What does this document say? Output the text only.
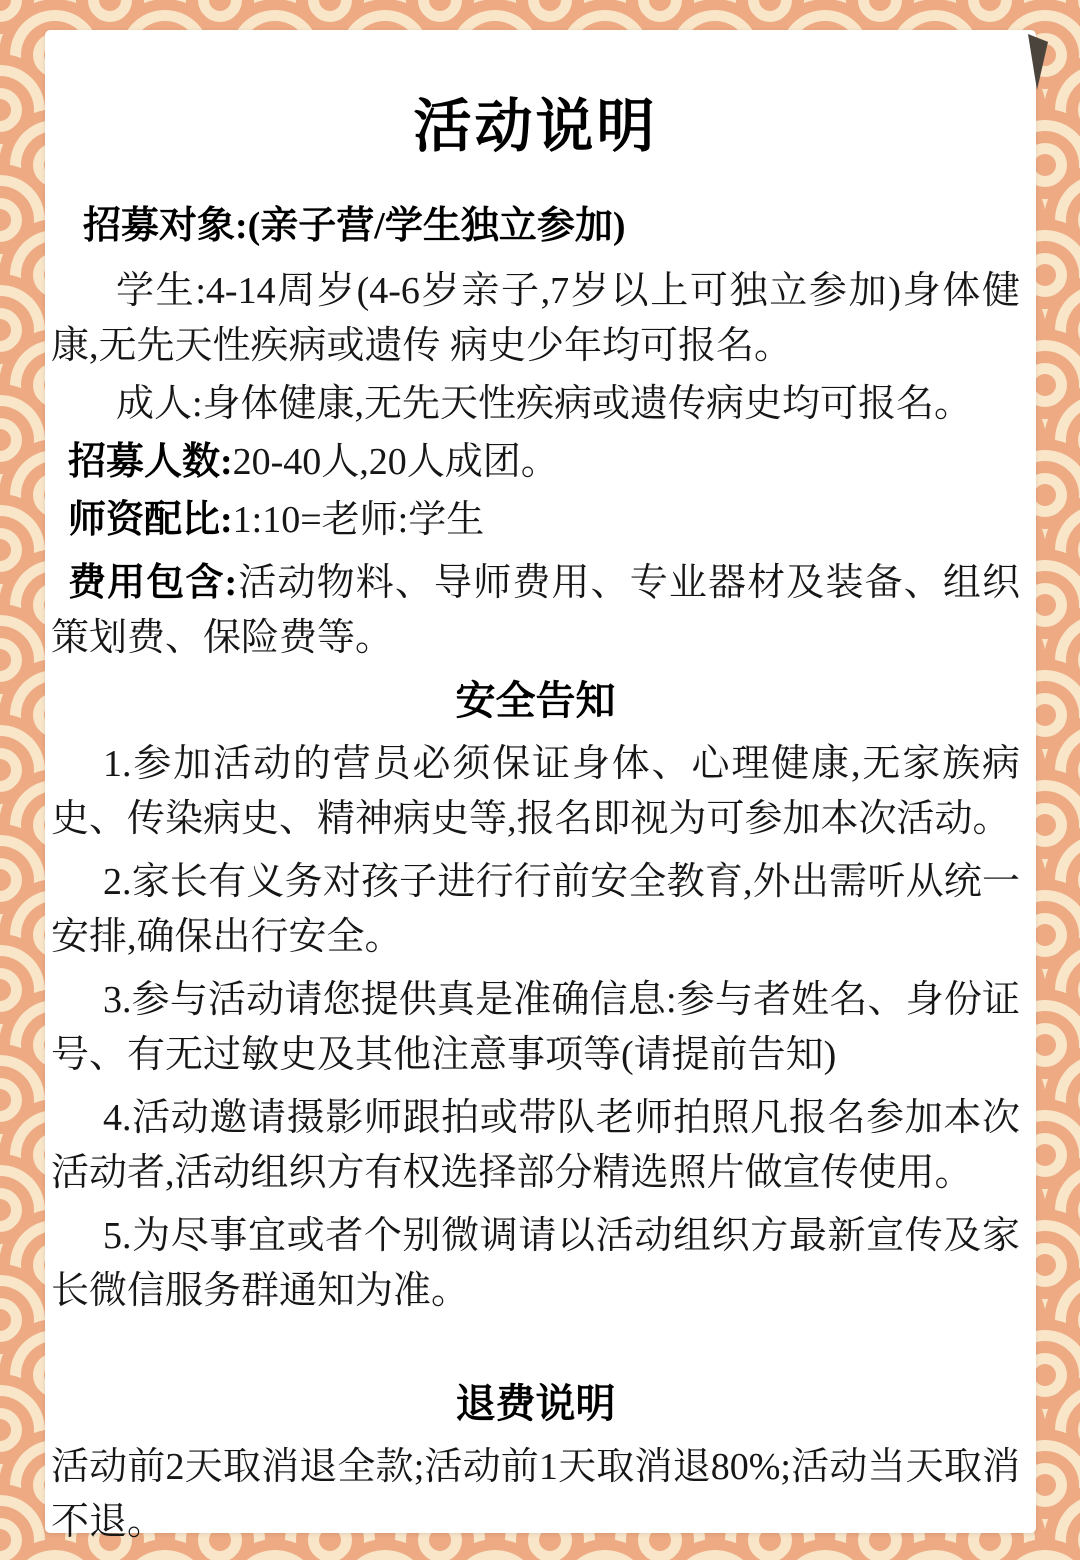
活动说明

招募对象:(亲子营/学生独立参加)

学生:4-14周岁(4-6岁亲子,7岁以上可独立参加)身体健康,无先天性疾病或遗传 病史少年均可报名。

成人:身体健康,无先天性疾病或遗传病史均可报名。

招募人数:20-40人,20人成团。

师资配比:1:10=老师:学生

费用包含:活动物料、导师费用、专业器材及装备、组织策划费、保险费等。

安全告知

1.参加活动的营员必须保证身体、心理健康,无家族病史、传染病史、精神病史等,报名即视为可参加本次活动。

2.家长有义务对孩子进行行前安全教育,外出需听从统一安排,确保出行安全。

3.参与活动请您提供真是准确信息:参与者姓名、身份证号、有无过敏史及其他注意事项等(请提前告知)

4.活动邀请摄影师跟拍或带队老师拍照凡报名参加本次活动者,活动组织方有权选择部分精选照片做宣传使用。

5.为尽事宜或者个别微调请以活动组织方最新宣传及家长微信服务群通知为准。

退费说明

活动前2天取消退全款;活动前1天取消退80%;活动当天取消不退。
